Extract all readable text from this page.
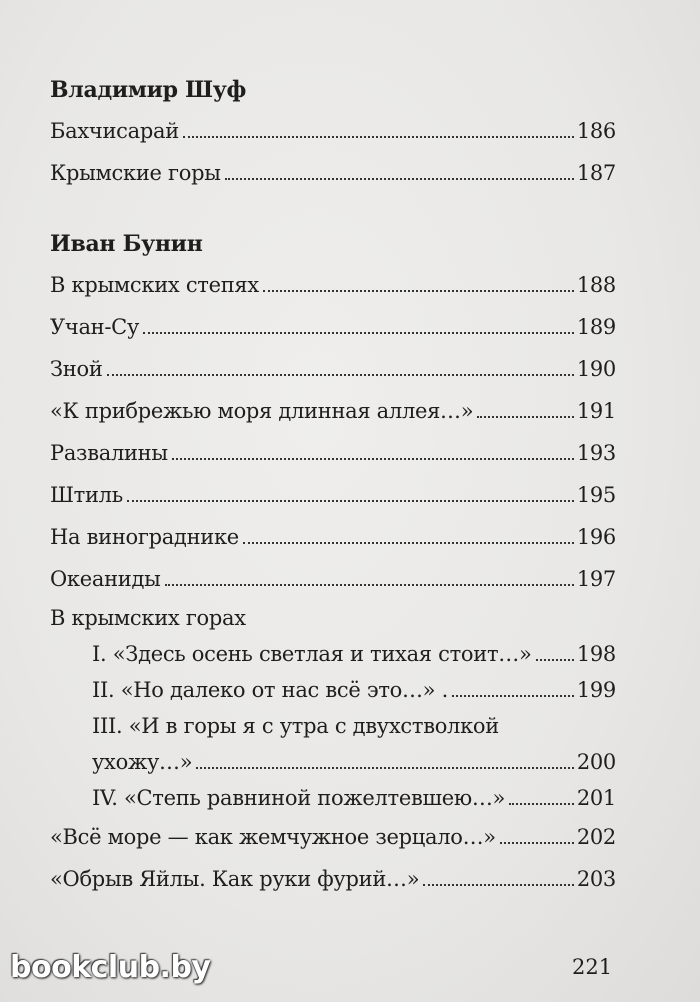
Владимир Шуф
Бахчисарай	186
Крымские горы	187
Иван Бунин
В крымских степях	188
Учан-Су	189
Зной	190
«К прибрежью моря длинная аллея…»	191
Развалины	193
Штиль	195
На винограднике	196
Океаниды	197
В крымских горах
I. «Здесь осень светлая и тихая стоит…» 198
II. «Но далеко от нас всё это…» .	199
III. «И в горы я с утра с двухстволкой
ухожу…»	200
IV. «Степь равниной пожелтевшею…»	201
«Всё море — как жемчужное зерцало…»	202
«Обрыв Яйлы. Как руки фурий…»	203
221
bookclub.by
